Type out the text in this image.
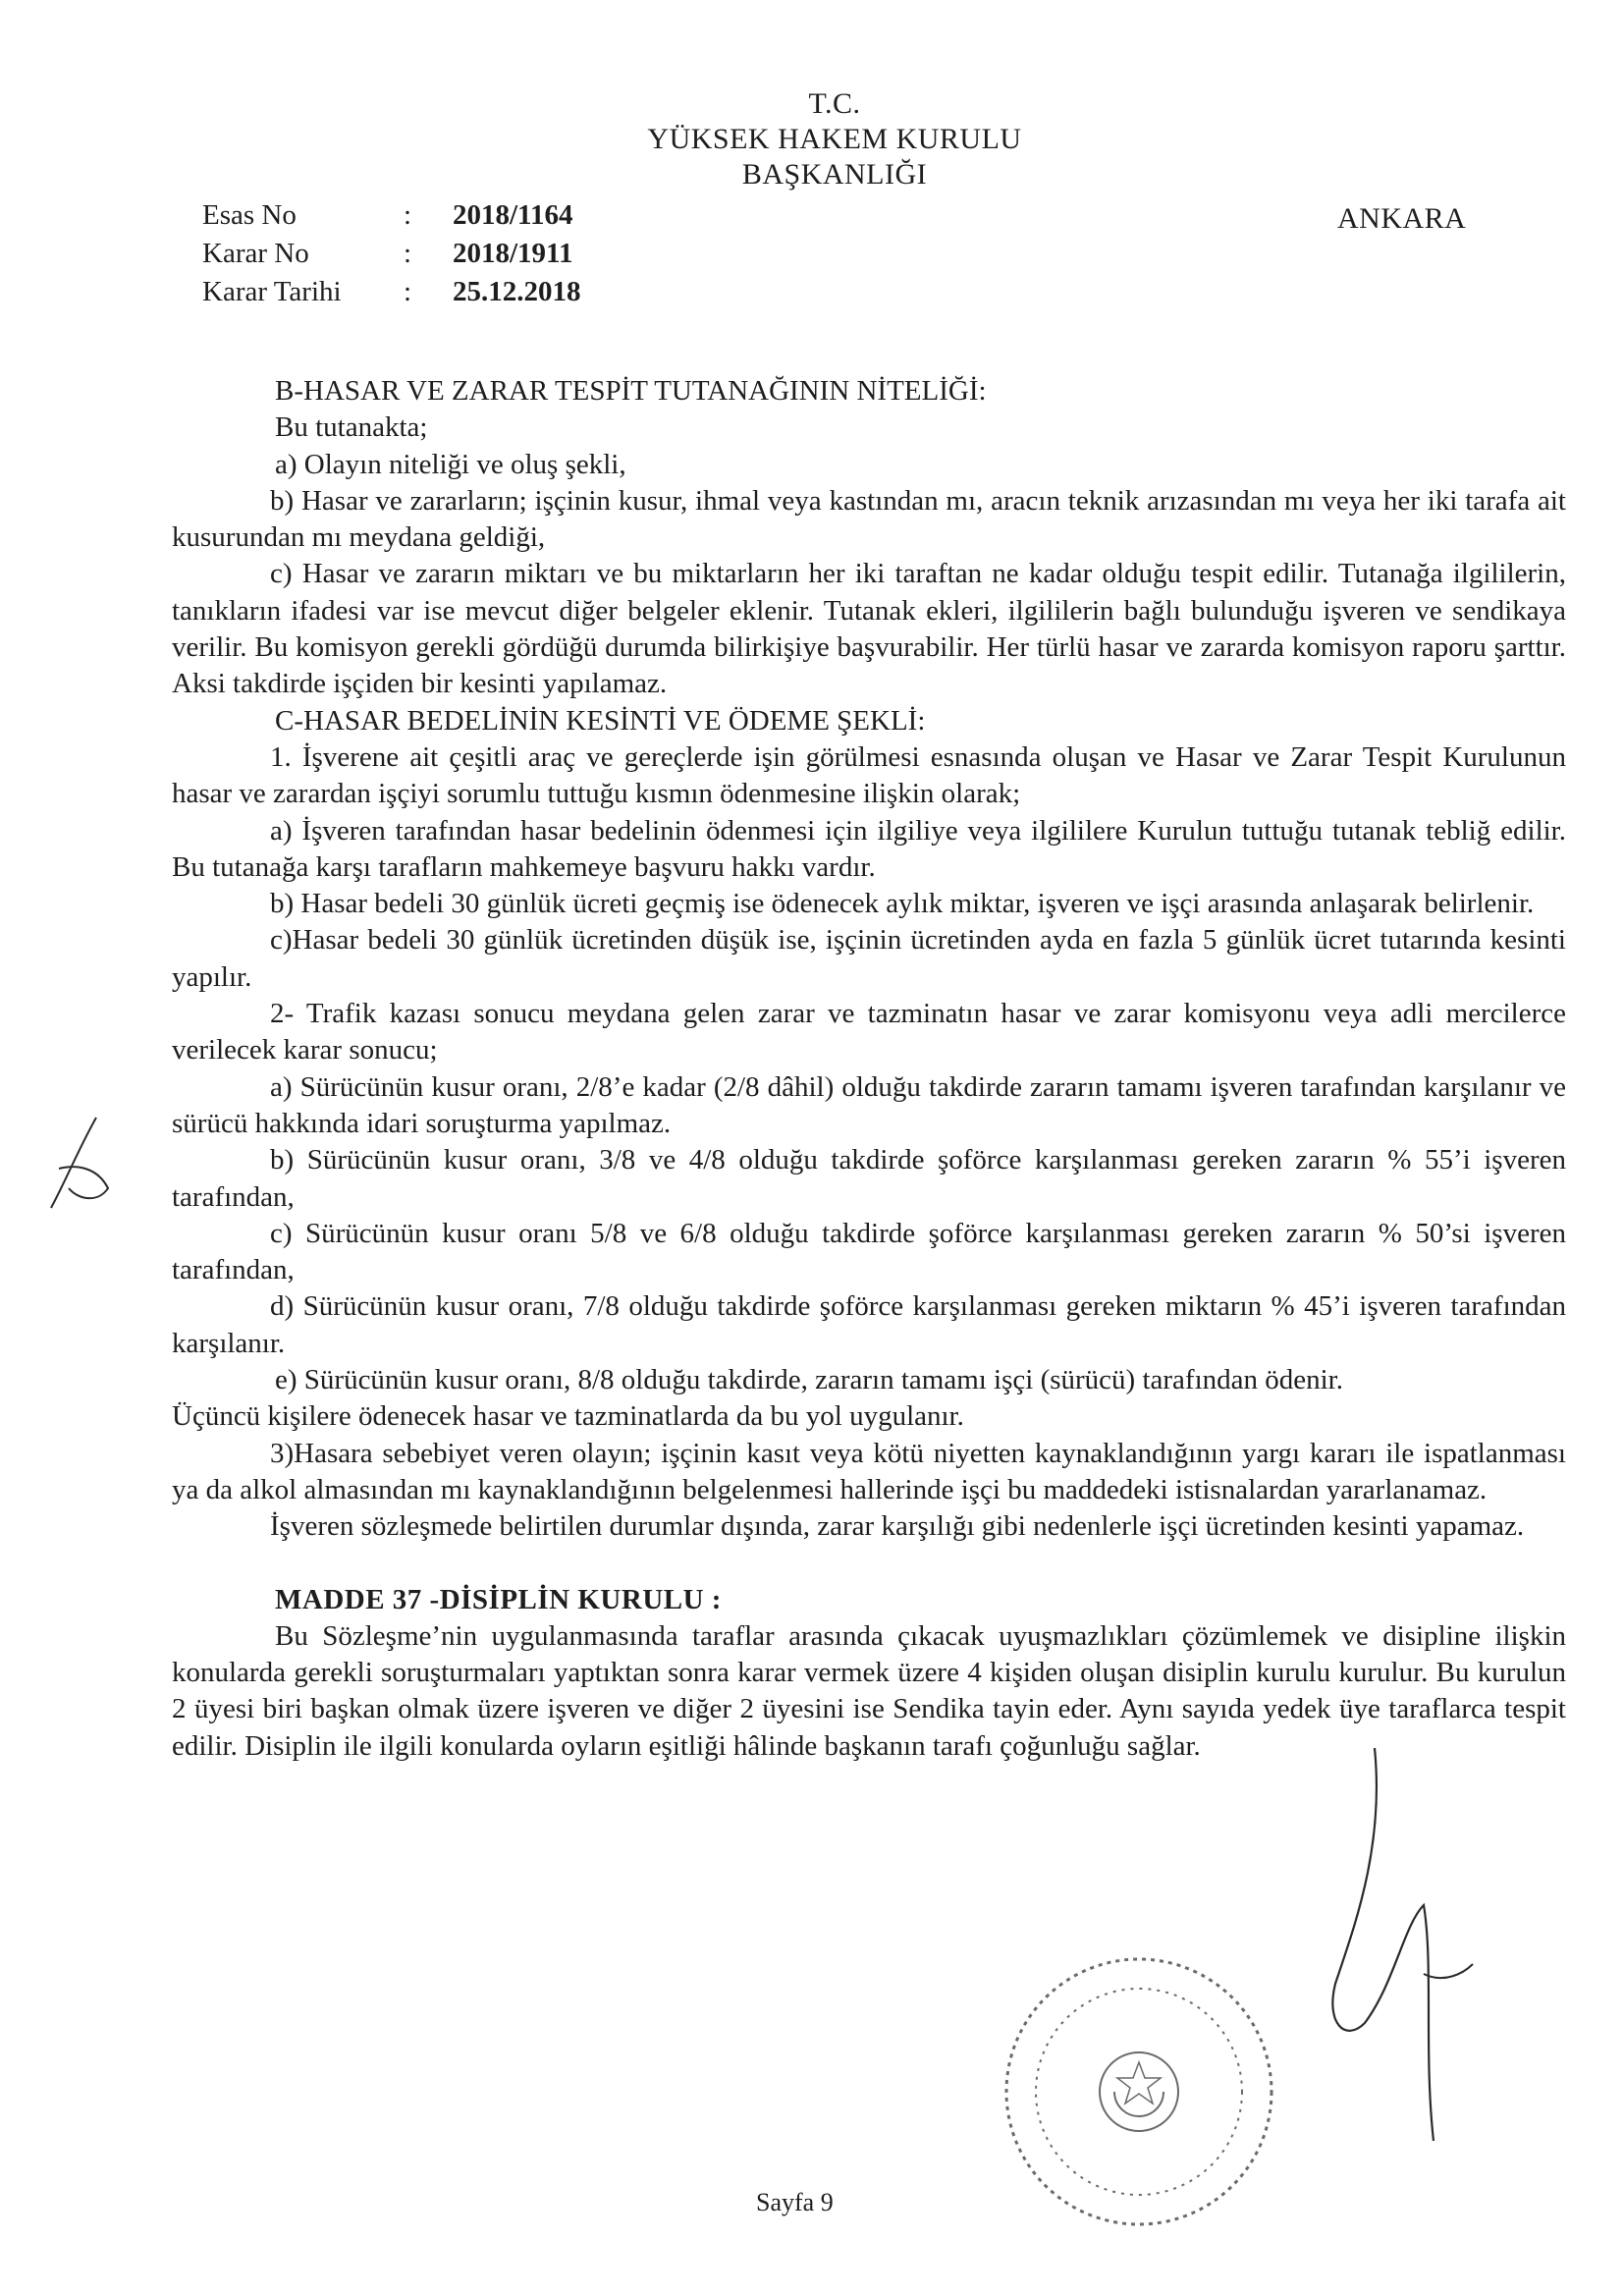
T.C.
YÜKSEK HAKEM KURULU
BAŞKANLIĞI
Esas No	:	2018/1164
Karar No	:	2018/1911
Karar Tarihi	:	25.12.2018
ANKARA
B-HASAR VE ZARAR TESPİT TUTANAĞININ NİTELİĞİ:
Bu tutanakta;
a) Olayın niteliği ve oluş şekli,
b) Hasar ve zararların; işçinin kusur, ihmal veya kastından mı, aracın teknik arızasından mı veya her iki tarafa ait kusurundan mı meydana geldiği,
c) Hasar ve zararın miktarı ve bu miktarların her iki taraftan ne kadar olduğu tespit edilir. Tutanağa ilgililerin, tanıkların ifadesi var ise mevcut diğer belgeler eklenir. Tutanak ekleri, ilgililerin bağlı bulunduğu işveren ve sendikaya verilir. Bu komisyon gerekli gördüğü durumda bilirkişiye başvurabilir. Her türlü hasar ve zararda komisyon raporu şarttır. Aksi takdirde işçiden bir kesinti yapılamaz.
C-HASAR BEDELİNİN KESİNTİ VE ÖDEME ŞEKLİ:
1. İşverene ait çeşitli araç ve gereçlerde işin görülmesi esnasında oluşan ve Hasar ve Zarar Tespit Kurulunun hasar ve zarardan işçiyi sorumlu tuttuğu kısmın ödenmesine ilişkin olarak;
a) İşveren tarafından hasar bedelinin ödenmesi için ilgiliye veya ilgililere Kurulun tuttuğu tutanak tebliğ edilir. Bu tutanağa karşı tarafların mahkemeye başvuru hakkı vardır.
b) Hasar bedeli 30 günlük ücreti geçmiş ise ödenecek aylık miktar, işveren ve işçi arasında anlaşarak belirlenir.
c)Hasar bedeli 30 günlük ücretinden düşük ise, işçinin ücretinden ayda en fazla 5 günlük ücret tutarında kesinti yapılır.
2- Trafik kazası sonucu meydana gelen zarar ve tazminatın hasar ve zarar komisyonu veya adli mercilerce verilecek karar sonucu;
a) Sürücünün kusur oranı, 2/8’e kadar (2/8 dâhil) olduğu takdirde zararın tamamı işveren tarafından karşılanır ve sürücü hakkında idari soruşturma yapılmaz.
b) Sürücünün kusur oranı, 3/8 ve 4/8 olduğu takdirde şoförce karşılanması gereken zararın % 55’i işveren tarafından,
c) Sürücünün kusur oranı 5/8 ve 6/8 olduğu takdirde şoförce karşılanması gereken zararın % 50’si işveren tarafından,
d) Sürücünün kusur oranı, 7/8 olduğu takdirde şoförce karşılanması gereken miktarın % 45’i işveren tarafından karşılanır.
e) Sürücünün kusur oranı, 8/8 olduğu takdirde, zararın tamamı işçi (sürücü) tarafından ödenir.
Üçüncü kişilere ödenecek hasar ve tazminatlarda da bu yol uygulanır.
3)Hasara sebebiyet veren olayın; işçinin kasıt veya kötü niyetten kaynaklandığının yargı kararı ile ispatlanması ya da alkol almasından mı kaynaklandığının belgelenmesi hallerinde işçi bu maddedeki istisnalardan yararlanamaz.
İşveren sözleşmede belirtilen durumlar dışında, zarar karşılığı gibi nedenlerle işçi ücretinden kesinti yapamaz.
MADDE 37 -DİSİPLİN KURULU :
Bu Sözleşme’nin uygulanmasında taraflar arasında çıkacak uyuşmazlıkları çözümlemek ve disipline ilişkin konularda gerekli soruşturmaları yaptıktan sonra karar vermek üzere 4 kişiden oluşan disiplin kurulu kurulur. Bu kurulun 2 üyesi biri başkan olmak üzere işveren ve diğer 2 üyesini ise Sendika tayin eder. Aynı sayıda yedek üye taraflarca tespit edilir. Disiplin ile ilgili konularda oyların eşitliği hâlinde başkanın tarafı çoğunluğu sağlar.
Sayfa 9
